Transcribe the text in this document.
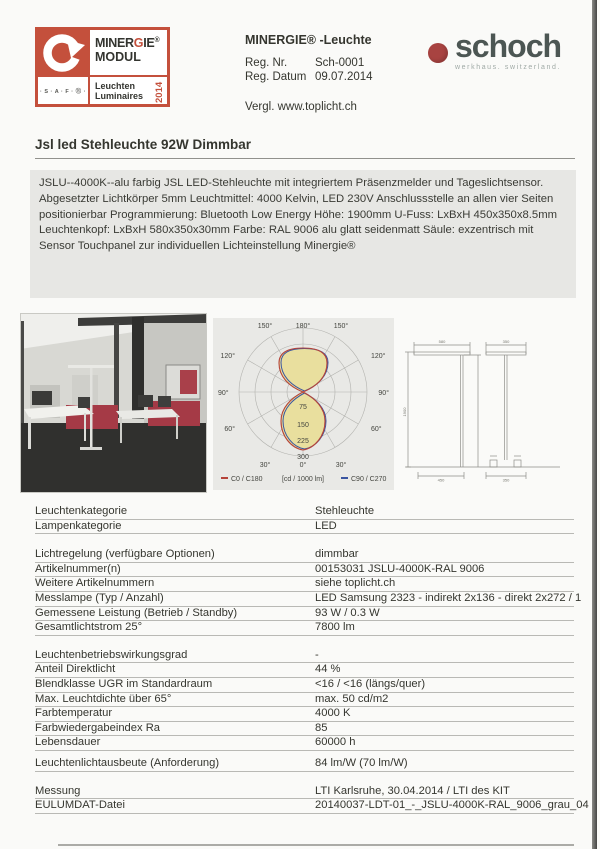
MINERGIE®
MODUL
· S · A · F · Ⓔ ·
Leuchten
Luminaires 2014
MINERGIE® -Leuchte
Reg. Nr.	Sch-0001
Reg. Datum 09.07.2014
Vergl. www.toplicht.ch
schoch
werkhaus. switzerland.
Jsl led Stehleuchte 92W Dimmbar
JSLU--4000K--alu farbig JSL LED-Stehleuchte mit integriertem Präsenzmelder und Tageslichtsensor. Abgesetzter Lichtkörper 5mm Leuchtmittel: 4000 Kelvin, LED 230V Anschlussstelle an allen vier Seiten positionierbar Programmierung: Bluetooth Low Energy Höhe: 1900mm U-Fuss: LxBxH 450x350x8.5mm Leuchtenkopf: LxBxH 580x350x30mm Farbe: RAL 9006 alu glatt seidenmatt Säule: exzentrisch mit Sensor Touchpanel zur individuellen Lichteinstellung Minergie®
150°	180°	150°
120°	120°
90°	90°
60°	60°
30°	0°	30°
75
150
225
300
C0 / C180	[cd / 1000 lm]	C90 / C270
580
1900
450
350
350
Leuchtenkategorie	Stehleuchte
Lampenkategorie	LED
Lichtregelung (verfügbare Optionen)	dimmbar
Artikelnummer(n)	00153031 JSLU-4000K-RAL 9006
Weitere Artikelnummern	siehe toplicht.ch
Messlampe (Typ / Anzahl)	LED Samsung 2323 - indirekt 2x136 - direkt 2x272 / 1
Gemessene Leistung (Betrieb / Standby)	93 W / 0.3 W
Gesamtlichtstrom 25°	7800 lm
Leuchtenbetriebswirkungsgrad	-
Anteil Direktlicht	44 %
Blendklasse UGR im Standardraum	<16 / <16 (längs/quer)
Max. Leuchtdichte über 65°	max. 50 cd/m2
Farbtemperatur	4000 K
Farbwiedergabeindex Ra	85
Lebensdauer	60000 h
Leuchtenlichtausbeute (Anforderung)	84 lm/W (70 lm/W)
Messung	LTI Karlsruhe, 30.04.2014 / LTI des KIT
EULUMDAT-Datei	20140037-LDT-01_-_JSLU-4000K-RAL_9006_grau_04
